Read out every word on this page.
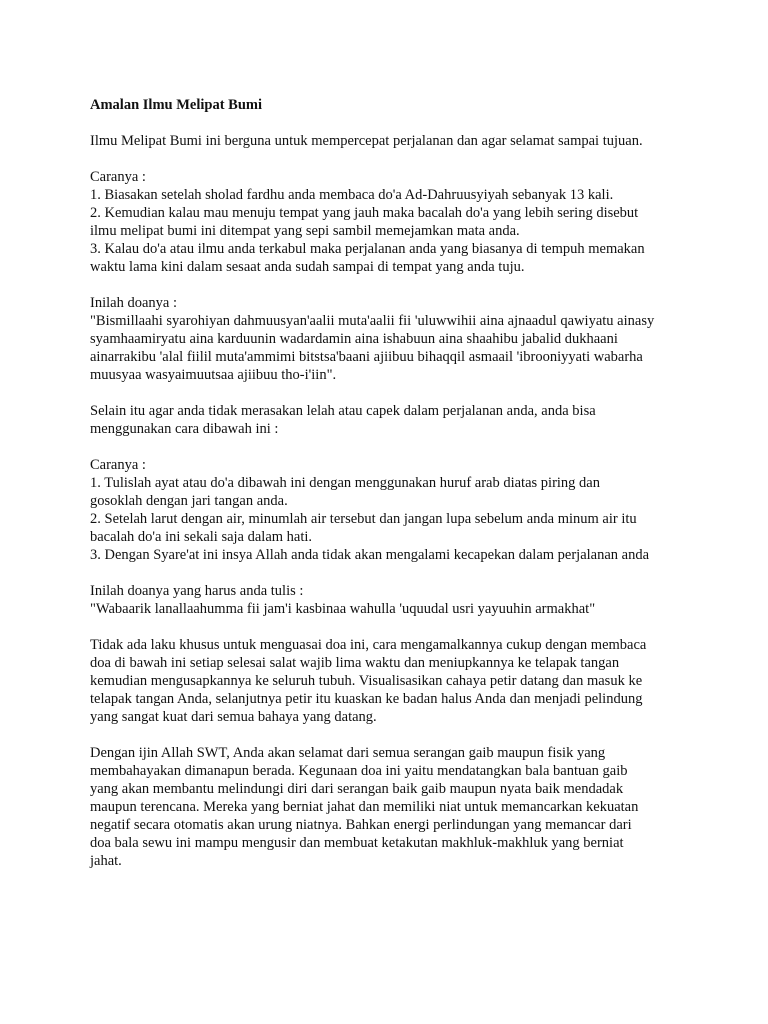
Amalan Ilmu Melipat Bumi
Ilmu Melipat Bumi ini berguna untuk mempercepat perjalanan dan agar selamat sampai tujuan.
Caranya :
1. Biasakan setelah sholad fardhu anda membaca do'a Ad-Dahruusyiyah sebanyak 13 kali.
2. Kemudian kalau mau menuju tempat yang jauh maka bacalah do'a yang lebih sering disebut
ilmu melipat bumi ini ditempat yang sepi sambil memejamkan mata anda.
3. Kalau do'a atau ilmu anda terkabul maka perjalanan anda yang biasanya di tempuh memakan
waktu lama kini dalam sesaat anda sudah sampai di tempat yang anda tuju.
Inilah doanya :
"Bismillaahi syarohiyan dahmuusyan'aalii muta'aalii fii 'uluwwihii aina ajnaadul qawiyatu ainasy
syamhaamiryatu aina karduunin wadardamin aina ishabuun aina shaahibu jabalid dukhaani
ainarrakibu 'alal fiilil muta'ammimi bitstsa'baani ajiibuu bihaqqil asmaail 'ibrooniyyati wabarha
muusyaa wasyaimuutsaa ajiibuu tho-i'iin".
Selain itu agar anda tidak merasakan lelah atau capek dalam perjalanan anda, anda bisa
menggunakan cara dibawah ini :
Caranya :
1. Tulislah ayat atau do'a dibawah ini dengan menggunakan huruf arab diatas piring dan
gosoklah dengan jari tangan anda.
2. Setelah larut dengan air, minumlah air tersebut dan jangan lupa sebelum anda minum air itu
bacalah do'a ini sekali saja dalam hati.
3. Dengan Syare'at ini insya Allah anda tidak akan mengalami kecapekan dalam perjalanan anda
Inilah doanya yang harus anda tulis :
"Wabaarik lanallaahumma fii jam'i kasbinaa wahulla 'uquudal usri yayuuhin armakhat"
Tidak ada laku khusus untuk menguasai doa ini, cara mengamalkannya cukup dengan membaca
doa di bawah ini setiap selesai salat wajib lima waktu dan meniupkannya ke telapak tangan
kemudian mengusapkannya ke seluruh tubuh. Visualisasikan cahaya petir datang dan masuk ke
telapak tangan Anda, selanjutnya petir itu kuaskan ke badan halus Anda dan menjadi pelindung
yang sangat kuat dari semua bahaya yang datang.
Dengan ijin Allah SWT, Anda akan selamat dari semua serangan gaib maupun fisik yang
membahayakan dimanapun berada. Kegunaan doa ini yaitu mendatangkan bala bantuan gaib
yang akan membantu melindungi diri dari serangan baik gaib maupun nyata baik mendadak
maupun terencana. Mereka yang berniat jahat dan memiliki niat untuk memancarkan kekuatan
negatif secara otomatis akan urung niatnya. Bahkan energi perlindungan yang memancar dari
doa bala sewu ini mampu mengusir dan membuat ketakutan makhluk-makhluk yang berniat
jahat.
